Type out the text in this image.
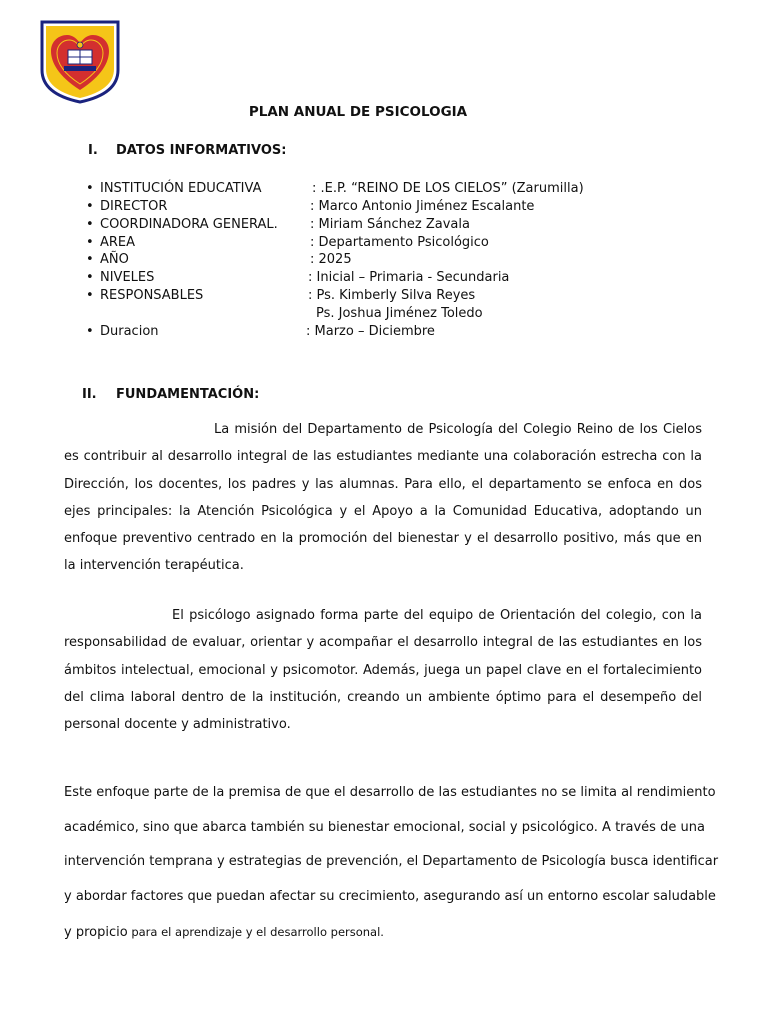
PLAN ANUAL DE PSICOLOGIA
I. DATOS INFORMATIVOS:
• INSTITUCIÓN EDUCATIVA	: .E.P. “REINO DE LOS CIELOS” (Zarumilla)
• DIRECTOR	: Marco Antonio Jiménez Escalante
• COORDINADORA GENERAL. : Miriam Sánchez Zavala
• AREA	: Departamento Psicológico
• AÑO	: 2025
• NIVELES	: Inicial – Primaria - Secundaria
• RESPONSABLES	: Ps. Kimberly Silva Reyes
Ps. Joshua Jiménez Toledo
• Duracion	: Marzo – Diciembre
II. FUNDAMENTACIÓN:
La misión del Departamento de Psicología del Colegio Reino de los Cielos es contribuir al desarrollo integral de las estudiantes mediante una colaboración estrecha con la Dirección, los docentes, los padres y las alumnas. Para ello, el departamento se enfoca en dos ejes principales: la Atención Psicológica y el Apoyo a la Comunidad Educativa, adoptando un enfoque preventivo centrado en la promoción del bienestar y el desarrollo positivo, más que en la intervención terapéutica.
El psicólogo asignado forma parte del equipo de Orientación del colegio, con la responsabilidad de evaluar, orientar y acompañar el desarrollo integral de las estudiantes en los ámbitos intelectual, emocional y psicomotor. Además, juega un papel clave en el fortalecimiento del clima laboral dentro de la institución, creando un ambiente óptimo para el desempeño del personal docente y administrativo.
Este enfoque parte de la premisa de que el desarrollo de las estudiantes no se limita al rendimiento
académico, sino que abarca también su bienestar emocional, social y psicológico. A través de una
intervención temprana y estrategias de prevención, el Departamento de Psicología busca identificar
y abordar factores que puedan afectar su crecimiento, asegurando así un entorno escolar saludable
y propicio para el aprendizaje y el desarrollo personal.
